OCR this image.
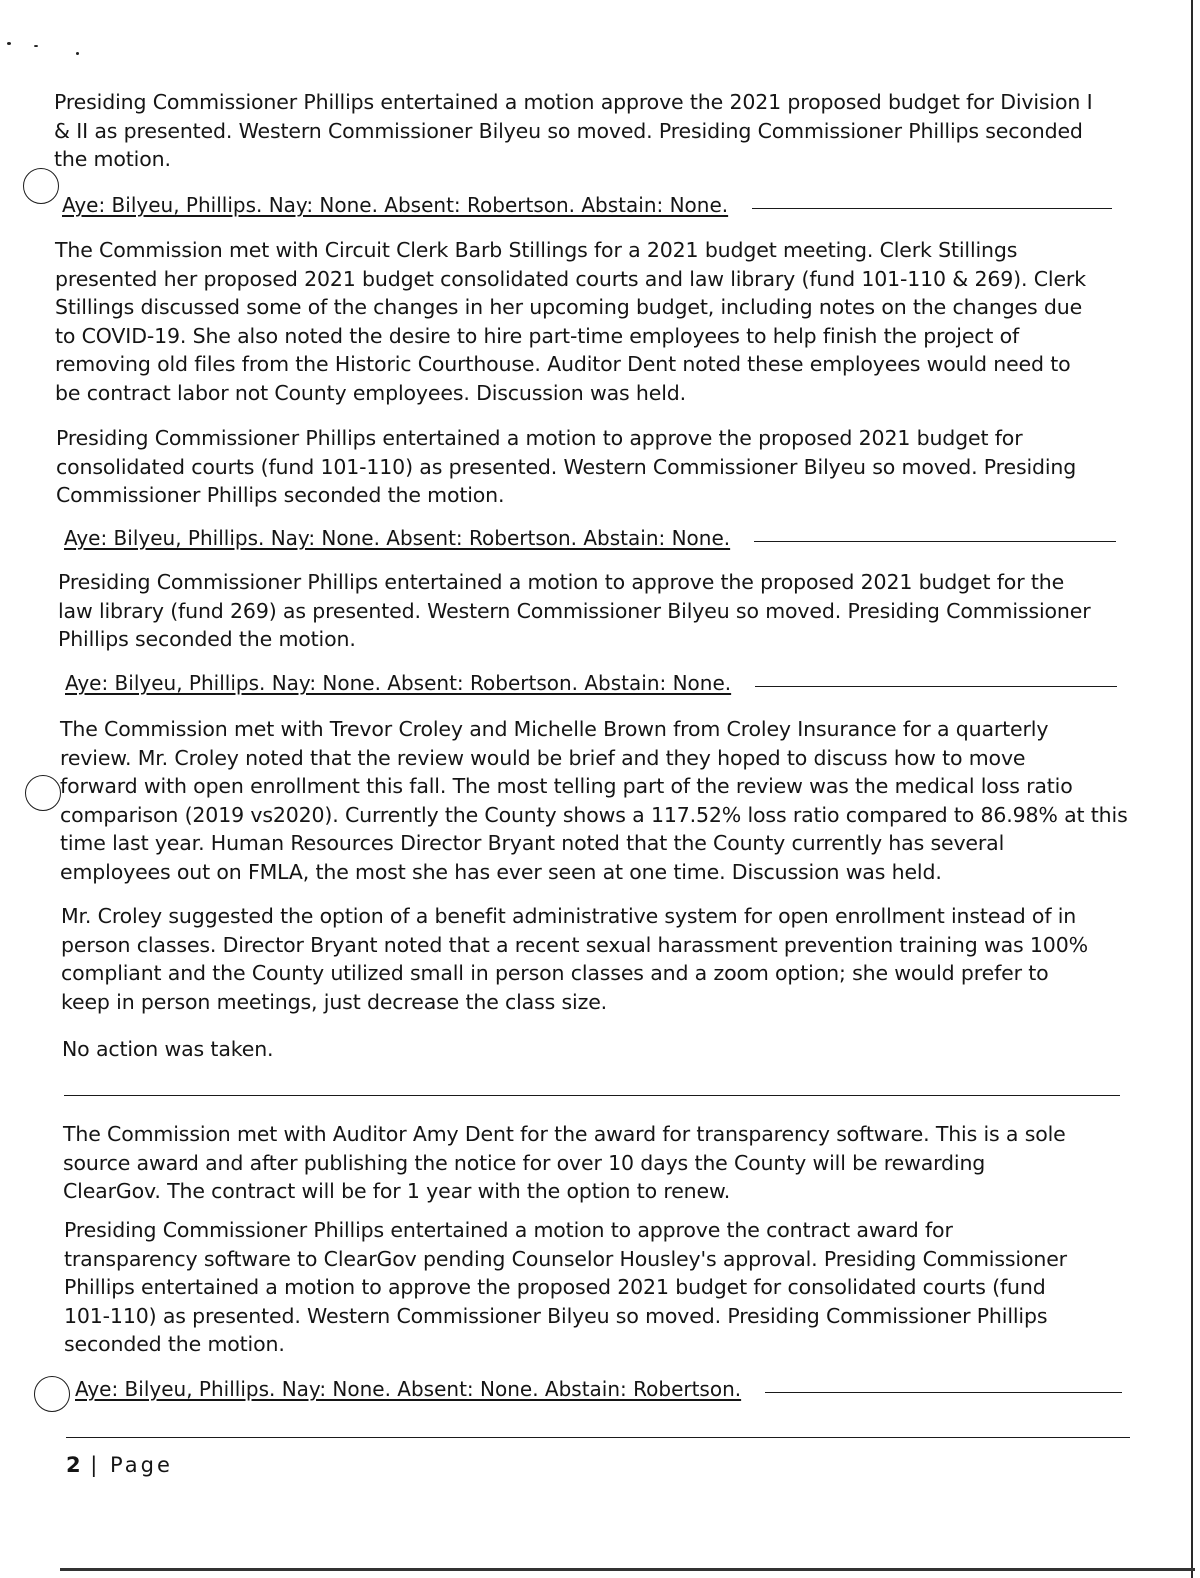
Presiding Commissioner Phillips entertained a motion approve the 2021 proposed budget for Division I
& II as presented. Western Commissioner Bilyeu so moved. Presiding Commissioner Phillips seconded
the motion.

Aye: Bilyeu, Phillips. Nay: None. Absent: Robertson. Abstain: None.

The Commission met with Circuit Clerk Barb Stillings for a 2021 budget meeting. Clerk Stillings
presented her proposed 2021 budget consolidated courts and law library (fund 101-110 & 269). Clerk
Stillings discussed some of the changes in her upcoming budget, including notes on the changes due
to COVID-19. She also noted the desire to hire part-time employees to help finish the project of
removing old files from the Historic Courthouse. Auditor Dent noted these employees would need to
be contract labor not County employees. Discussion was held.

Presiding Commissioner Phillips entertained a motion to approve the proposed 2021 budget for
consolidated courts (fund 101-110) as presented. Western Commissioner Bilyeu so moved. Presiding
Commissioner Phillips seconded the motion.

Aye: Bilyeu, Phillips. Nay: None. Absent: Robertson. Abstain: None.

Presiding Commissioner Phillips entertained a motion to approve the proposed 2021 budget for the
law library (fund 269) as presented. Western Commissioner Bilyeu so moved. Presiding Commissioner
Phillips seconded the motion.

Aye: Bilyeu, Phillips. Nay: None. Absent: Robertson. Abstain: None.

The Commission met with Trevor Croley and Michelle Brown from Croley Insurance for a quarterly
review. Mr. Croley noted that the review would be brief and they hoped to discuss how to move
forward with open enrollment this fall. The most telling part of the review was the medical loss ratio
comparison (2019 vs2020). Currently the County shows a 117.52% loss ratio compared to 86.98% at this
time last year. Human Resources Director Bryant noted that the County currently has several
employees out on FMLA, the most she has ever seen at one time. Discussion was held.

Mr. Croley suggested the option of a benefit administrative system for open enrollment instead of in
person classes. Director Bryant noted that a recent sexual harassment prevention training was 100%
compliant and the County utilized small in person classes and a zoom option; she would prefer to
keep in person meetings, just decrease the class size.

No action was taken.

The Commission met with Auditor Amy Dent for the award for transparency software. This is a sole
source award and after publishing the notice for over 10 days the County will be rewarding
ClearGov. The contract will be for 1 year with the option to renew.

Presiding Commissioner Phillips entertained a motion to approve the contract award for
transparency software to ClearGov pending Counselor Housley's approval. Presiding Commissioner
Phillips entertained a motion to approve the proposed 2021 budget for consolidated courts (fund
101-110) as presented. Western Commissioner Bilyeu so moved. Presiding Commissioner Phillips
seconded the motion.

Aye: Bilyeu, Phillips. Nay: None. Absent: None. Abstain: Robertson.
2 | Page
